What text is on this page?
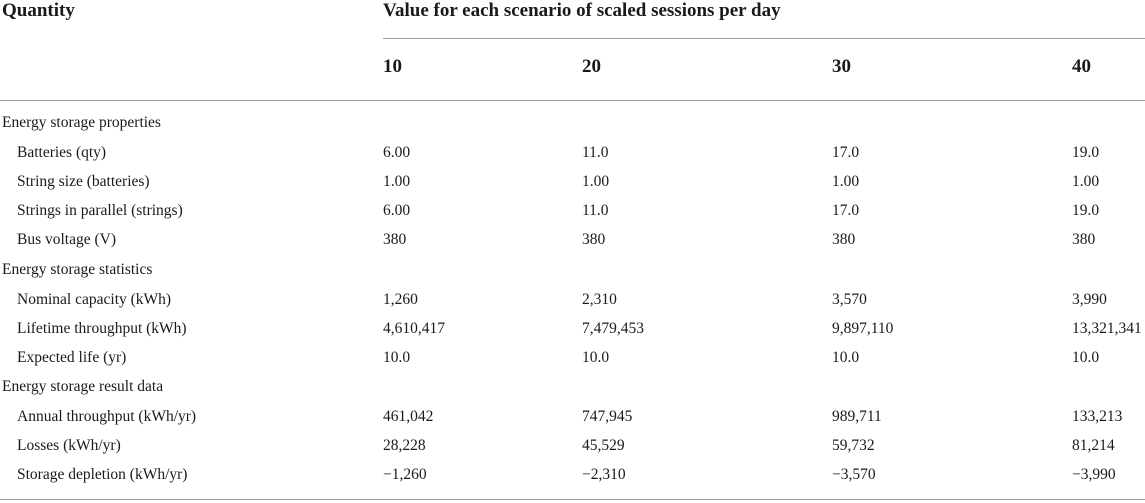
Quantity	Value for each scenario of scaled sessions per day
10	20	30	40
Energy storage properties
Batteries (qty)	6.00	11.0	17.0	19.0
String size (batteries)	1.00	1.00	1.00	1.00
Strings in parallel (strings)	6.00	11.0	17.0	19.0
Bus voltage (V)	380	380	380	380
Energy storage statistics
Nominal capacity (kWh)	1,260	2,310	3,570	3,990
Lifetime throughput (kWh)	4,610,417	7,479,453	9,897,110	13,321,341
Expected life (yr)	10.0	10.0	10.0	10.0
Energy storage result data
Annual throughput (kWh/yr)	461,042	747,945	989,711	133,213
Losses (kWh/yr)	28,228	45,529	59,732	81,214
Storage depletion (kWh/yr)	−1,260	−2,310	−3,570	−3,990
